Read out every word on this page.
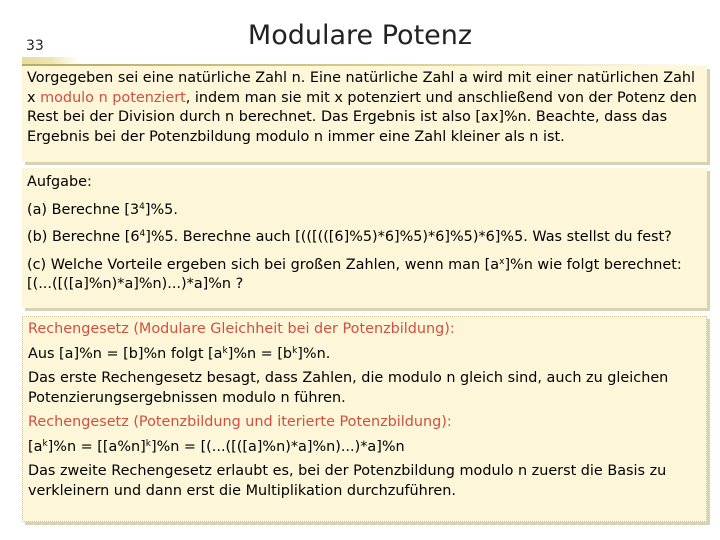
33	Modulare Potenz

Vorgegeben sei eine natürliche Zahl n. Eine natürliche Zahl a wird mit einer natürlichen Zahl x modulo n potenziert, indem man sie mit x potenziert und anschließend von der Potenz den Rest bei der Division durch n berechnet. Das Ergebnis ist also [ax]%n. Beachte, dass das Ergebnis bei der Potenzbildung modulo n immer eine Zahl kleiner als n ist.

Aufgabe:

(a) Berechne $[3^4]\%5$.

(b) Berechne $[6^4]\%5$. Berechne auch [(([(([6]%5)*6]%5)*6]%5)*6]%5. Was stellst du fest?

(c) Welche Vorteile ergeben sich bei großen Zahlen, wenn man $[a^x]\%n$ wie folgt berechnet:
[(...([([a]%n)*a]%n)...)*a]%n ?

Rechengesetz (Modulare Gleichheit bei der Potenzbildung):

Aus [a]%n = [b]%n folgt $[a^k]\%n = [b^k]\%n$.

Das erste Rechengesetz besagt, dass Zahlen, die modulo n gleich sind, auch zu gleichen Potenzierungsergebnissen modulo n führen.

Rechengesetz (Potenzbildung und iterierte Potenzbildung):

$[a^k]\%n = [[a\%n]^k]\%n = [(...([([a]\%n)*a]\%n)...)*a]\%n$

Das zweite Rechengesetz erlaubt es, bei der Potenzbildung modulo n zuerst die Basis zu verkleinern und dann erst die Multiplikation durchzuführen.
